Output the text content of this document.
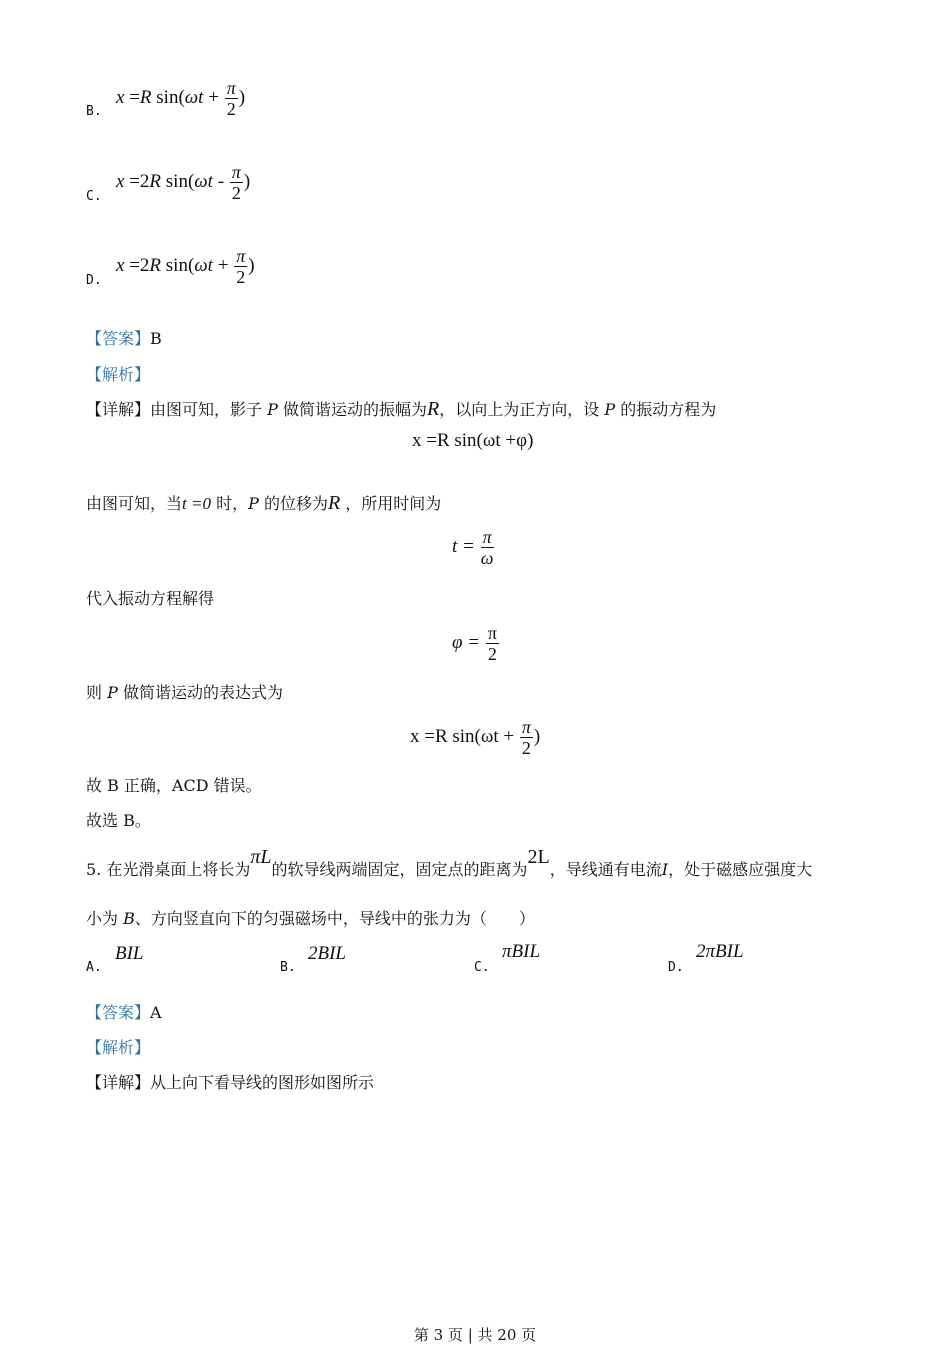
B.
x =R $\sin(\omega t + \frac{\pi}{2}$ )
C.
x =2R $\sin(\omega t - \frac{\pi}{2}$ )
D.
x =2R $\sin(\omega t + \frac{\pi}{2}$ )
【答案】B
【解析】
【详解】由图可知，影子 P 做简谐运动的振幅为R，以向上为正方向，设 P 的振动方程为
x =R sin(ωt +φ)
由图可知，当t =0 时，P 的位移为R ，所用时间为
$t = \frac{\pi}{\omega}$
代入振动方程解得
$\varphi = \frac{\pi}{2}$
则 P 做简谐运动的表达式为
x =R $\sin(\omega t + \frac{\pi}{2}$ )
故 B 正确，ACD 错误。
故选 B。
5. 在光滑桌面上将长为πL的软导线两端固定，固定点的距离为2L，导线通有电流I，处于磁感应强度大
小为 B、方向竖直向下的匀强磁场中，导线中的张力为（　　）
A.
BIL
B.
2BIL
C.
πBIL
D.
2πBIL
【答案】A
【解析】
【详解】从上向下看导线的图形如图所示
第 3 页 | 共 20 页
